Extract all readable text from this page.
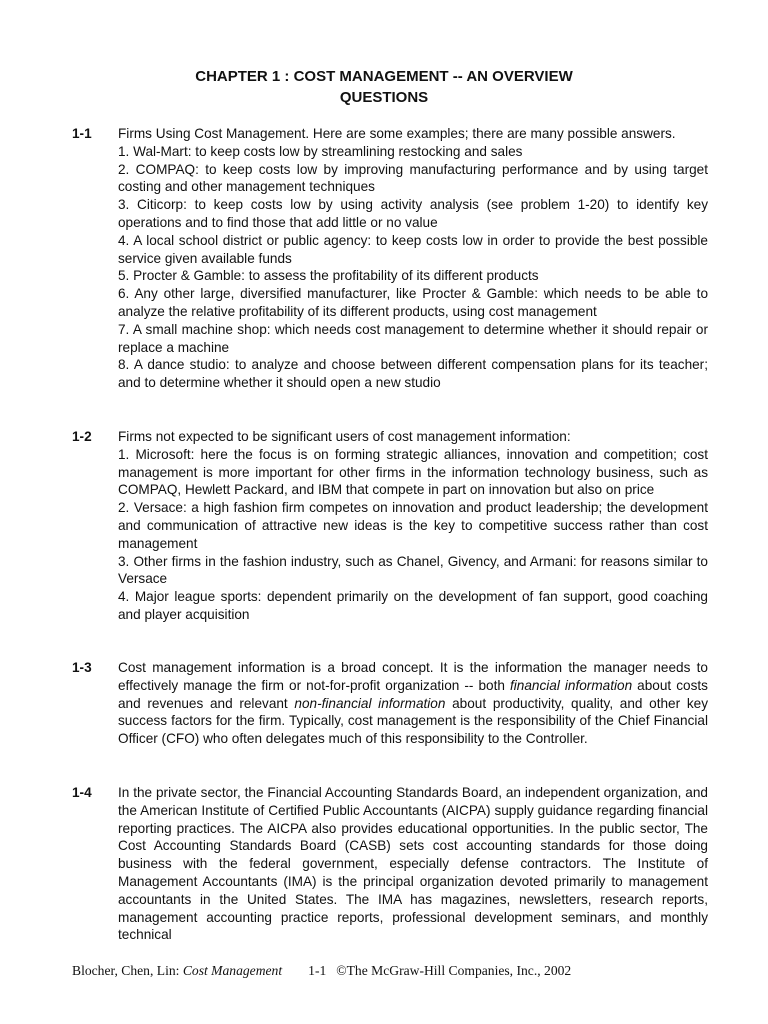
CHAPTER 1 : COST MANAGEMENT -- AN OVERVIEW
QUESTIONS
1-1	Firms Using Cost Management. Here are some examples; there are many possible answers.

1. Wal-Mart: to keep costs low by streamlining restocking and sales

2. COMPAQ: to keep costs low by improving manufacturing performance and by using target costing and other management techniques

3. Citicorp: to keep costs low by using activity analysis (see problem 1-20) to identify key operations and to find those that add little or no value

4. A local school district or public agency: to keep costs low in order to provide the best possible service given available funds

5. Procter & Gamble: to assess the profitability of its different products

6. Any other large, diversified manufacturer, like Procter & Gamble: which needs to be able to analyze the relative profitability of its different products, using cost management

7. A small machine shop: which needs cost management to determine whether it should repair or replace a machine

8. A dance studio: to analyze and choose between different compensation plans for its teacher; and to determine whether it should open a new studio

1-2	Firms not expected to be significant users of cost management information:

1. Microsoft: here the focus is on forming strategic alliances, innovation and competition; cost management is more important for other firms in the information technology business, such as COMPAQ, Hewlett Packard, and IBM that compete in part on innovation but also on price

2. Versace: a high fashion firm competes on innovation and product leadership; the development and communication of attractive new ideas is the key to competitive success rather than cost management

3. Other firms in the fashion industry, such as Chanel, Givency, and Armani: for reasons similar to Versace

4. Major league sports: dependent primarily on the development of fan support, good coaching and player acquisition

1-3	Cost management information is a broad concept. It is the information the manager needs to effectively manage the firm or not-for-profit organization -- both financial information about costs and revenues and relevant non-financial information about productivity, quality, and other key success factors for the firm. Typically, cost management is the responsibility of the Chief Financial Officer (CFO) who often delegates much of this responsibility to the Controller.

1-4	In the private sector, the Financial Accounting Standards Board, an independent organization, and the American Institute of Certified Public Accountants (AICPA) supply guidance regarding financial reporting practices. The AICPA also provides educational opportunities. In the public sector, The Cost Accounting Standards Board (CASB) sets cost accounting standards for those doing business with the federal government, especially defense contractors. The Institute of Management Accountants (IMA) is the principal organization devoted primarily to management accountants in the United States. The IMA has magazines, newsletters, research reports, management accounting practice reports, professional development seminars, and monthly technical

Blocher, Chen, Lin: Cost Management 1-1 ©The McGraw-Hill Companies, Inc., 2002
